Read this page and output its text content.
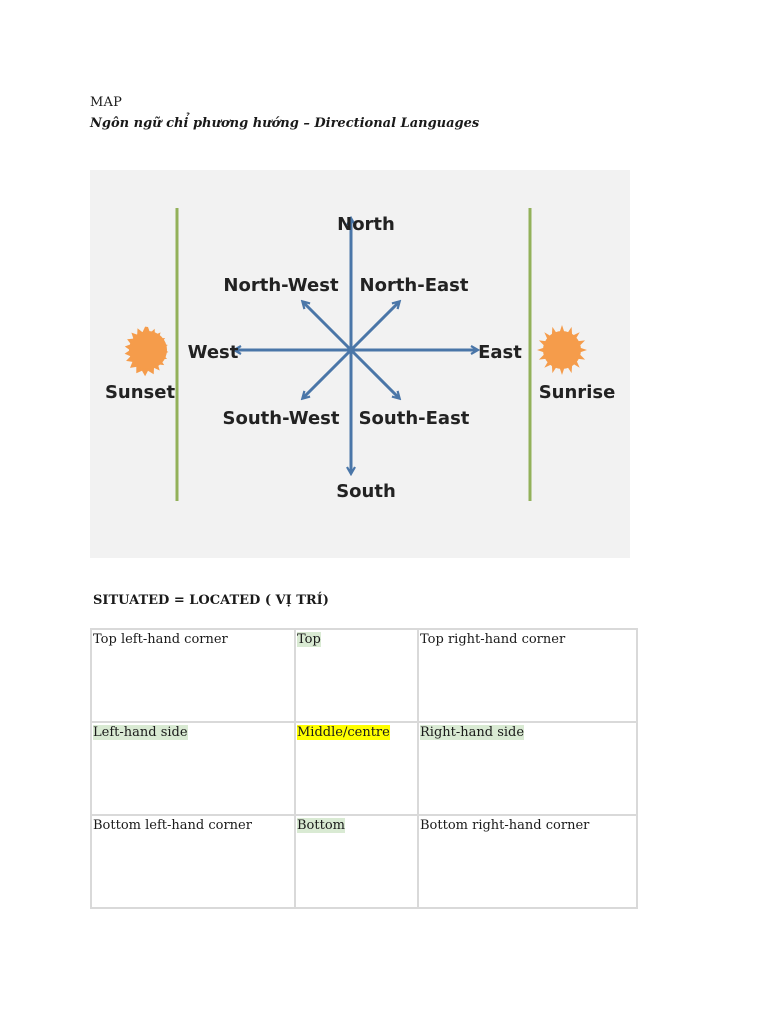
MAP
Ngôn ngữ chỉ phương hướng – Directional Languages
North
North-West North-East
West	East
South-West South-East
South
Sunset	Sunrise
SITUATED = LOCATED ( VỊ TRÍ)
Top left-hand corner	Top	Top right-hand corner
Left-hand side	Middle/centre	Right-hand side
Bottom left-hand corner	Bottom	Bottom right-hand corner
